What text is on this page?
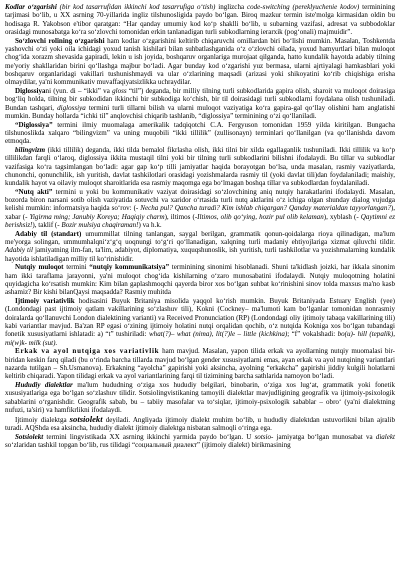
Kodlar o‘zgarishi (bir kod tasarrufidan ikkinchi kod tasarrufiga o‘tish) inglizcha code-switching (pereklyuchenie kodov) terminining tarjimasi bo‘lib, u XX asrning 70-yillarida ingliz tilshunosligida paydo bo‘lgan. Biroq mazkur termin iste'molga kirmasidan oldin bu hodisaga R. Yakobson e'tibor qaratgan: “Har qanday umumiy kod ko‘p shaklli bo‘lib, u subarning vazifasi, adresat va subbodoklar orasidagi munosabatga ko‘ra so‘zlovchi tomonidan erkin tanlanadigan turli subkodlarning ierarxik (pog‘onali) majmuidir”.

So‘zlovchi rolining o‘zgarishi ham kodlar o‘zgarishini keltirib chiqaruvchi omillardan biri bo‘lishi mumkin. Masalan, Toshkentda yashovchi oʻzi yoki oila ichidagi yoxud tanish kishilari bilan suhbatlashganida o‘z o‘zlovchi oilada, yoxud hamyurtlari bilan muloqot chog‘ida xorazm shevasida gapiradi, lekin u ish joyida, boshqaruv organlariga murojaat qilganda, hatto kundalik hayotda adabiy tilning me'yoriy shakllaridan birini qo‘llashga majbur bo‘ladi. Agar bunday kod o‘zgarishi yuz bermasa, ularni ajrtiyalagi hamkasblari yoki boshqaruv organlaridagi vakillari tushunishmaydi va ular o‘zlarining maqsadi (arizasi yoki shikoyatini ko‘rib chiqishiga erisha olmaydilar, ya'ni kommunikativ muvaffaqiyatsizlikka uchraydilar.

Diglossiyani (yun. di – “ikki” va gloss “til”) deganda, bir milliy tilning turli subkodlarida gapira olish, sharoit va muloqot doirasiga bog‘liq holda, tilning bir subkodidan ikkinchi bir subkodiga ko‘chish, bir til doirasidagi turli subkodlarni foydalana olish tushuniladi. Bundan tashqari, diglossiya termini turli tillarni bilish va ularni muloqot vaziyatiga ko‘ra gapira-gal qo‘llay olishini ham anglatishi mumkin. Bunday hollarda “ichki til” anqlovchisi chiqarib tashlanib, “diglossiya” terminining o‘zi qo‘llaniladi.

“Diglossiya” termini ilmiy muomalaga amerikalik tadqiqotchi C.A. Fergyuson tomonidan 1959 yilda kiritilgan. Bungacha tilshunoslikda xalqaro “bilingvizm” va uning muqobili “ikki tillilik” (zullisonayn) terminlari qo‘llanilgan (va qo‘llanishda davom etmoqda.

bilingvizm (ikki tillilik) deganda, ikki tilda bemalol fikrlasha olish, ikki tilni bir xilda egallaganlik tushuniladi. Ikki tillilik va ko‘p tillilikdan farqli o‘laroq, diglossiya ikkita mustaqil tilni yoki bir tilning turli subkodlarini bilishni ifodalaydi. Bu tillar va subkodlar vazifasiga ko‘ra tagsimlangan bo‘ladi: agar gap ko‘p tilli jamiyatlar haqida borayotgan bo‘lsa, unda masalan, rasmiy vaziyatlarda, chunonchi, qonunchilik, ish yuritish, davlat tashkilotlari orasidagi yozishmalarda rasmiy til (yoki davlat tili)dan foydalaniladi; maishiy, kundalik hayot va oilaviy muloqot sharoitlarida esa rasmiy maqomga ega bo‘lmagan boshqa tillar va subkodlardan foydalaniladi.

“Nutq akti” termini u yoki bu kommunikativ vaziyat doirasidagi so‘zlovchining aniq nutqiy harakatlarini ifodalaydi. Masalan, bozorda biron narsani sotib olish vaziyatida sotuvchi va xaridor o‘rtasida turli nutq aktlarini o‘z ichiga olgan shunday dialog vujudga kelishi mumkin: informatsiya haqida so‘rov: (- Necha pul? Qancha turadi? Kim ishlab chiqargan? Qanday materialdan tayyorlangan?), xabar (- Yigirma ming; Janubiy Koreya; Haqiqiy charm), iltimos (-Iltimos, olib qo‘ying, hozir pul olib kelaman), xyblash (- Qaytimni ez berishsiz!), taklif (- Bozir mulsiya chaqiraman!) va h.k.

Adabiy til (standart) umummillat tilning tanlangan, saygal berilgan, grammatik qonun-qoidalarga rioya qilinadigan, ma'lum me'yorga solingan, ummumhalqni‘z‘g‘q uoqnungi to‘g‘ri qo‘llanadigan, xalqning turli madaniy ehtiyojlariga xizmat qiluvchi tildir. Adabiy til jamiyatning ilm-fan, ta'lim, adabiyot, diplomatiya, xuquqshunoslik, ish yuritish, turli tashkilotlar va yozishmalarning kundalik hayotida ishlatiladigan milliy til ko‘rinishidir.

Nutqiy muloqot termini “nutqiy kommunikatsiya” terminining sinonimi hisoblanadi. Shuni ta'kidlash joizki, har ikkala sinonim ham ikki taraflama jarayonni, ya'ni muloqot chog‘ida kishilarning o‘zaro munosabatini ifodalaydi. Nutqiy muloqotning holatini quyidagicha ko‘rsatish mumkin: Kim bilan gaplashmoqchi qayerda biror xos bo‘lgan suhbat ko‘rinishini sinov tolda maxsus ma'no kasb ashamiz? Bir kishi bilanQaysi maqsadda? Rasmiy muhitda

Ijtimoiy variativlik hodisasini Buyuk Britaniya misolida yaqqol ko‘rish mumkin. Buyuk Britaniyada Estuary English (yee) (Londondagi past ijtimoiy qatlam vakillarining so‘zlashuv tili), Kokni (Cockney– ma'lumoti kam bo‘lganlar tomonidan nonrasmiy doiralarda qo‘llanuvchi London dialektining varianti) va Received Pronunciation (RP) (Londondagi oliy ijtimoiy tabaqa vakillarining tili) kabi variantlar mavjud. Ba'zan RP egasi o‘zining ijtimoiy holatini nutqi orqalidan qochib, o‘z nutqida Kokniga xos bo‘lgan tubandagi fonetik xususiyatlarni ishlatadi: a) “t” tushiriladi: what(?)– what (nima), lit(?)le – little (kichkina); “f” vokalshadi: bo(u)- hill (tepalik), mi(w)k- milk (sut).

Erkak va ayol nutqiga xos variativlik ham mavjud. Masalan, yapon tilida erkak va ayollarning nutqiy muomalasi bir-biridan keskin farq qiladi (bu o‘rinda barcha tillarda mavjud bo‘lgan gender xususiyatlarni emas, ayan erkak va ayol nutqining variantlari nazarda tutilgan – Sh.Usmanova). Erkakning “ayolcha” gapirishi yoki aksincha, ayolning “erkakcha” gapirishi jiddiy kulgili holatlarni keltirib chiqaradi. Yapon tilidagi erkak va ayol variantlarining farqi til tizimining barcha sathlarida namoyon bo‘ladi.

Hududiy dialektlar ma'lum hududning o‘ziga xos hududiy belgilari, binobarin, o‘ziga xos lug‘at, grammatik yoki fonetik xususiyatlariga ega bo‘lgan so‘zlashuv tilidir. Sotsiolingvistikaning tamoyili dialektlar mavjudligining geografik va ijtimoiy-psixologik sabablarini o‘rganishdir. Geografik sabab, bu – tabiiy masofalar va to‘siqlar, ijtimoiy-psixologik sabablar – obro‘ (ya'ni dialektning nufuzi, ta'siri) va hamfikrlikni ifodalaydi.

Ijtimoiy dialektga sotsiolekt deyiladi. Angliyada ijtimoiy dialekt muhim bo‘lib, u hududiy dialektdan ustuvorlikni bilan ajralib turadi. AQShda esa aksincha, hududiy dialekt ijtimoiy dialektga nisbatan salmoqli o‘ringa ega.

Sotsiolekt termini lingvistikada XX asrning ikkinchi yarmida paydo bo‘lgan. U sotsio- jamiyatga bo‘lgan munosabat va dialekt so‘zlaridan tashkil topgan bo‘lib, rus tilidagi “социальный диалект” (ijtimoiy dialekt) birikmasining
